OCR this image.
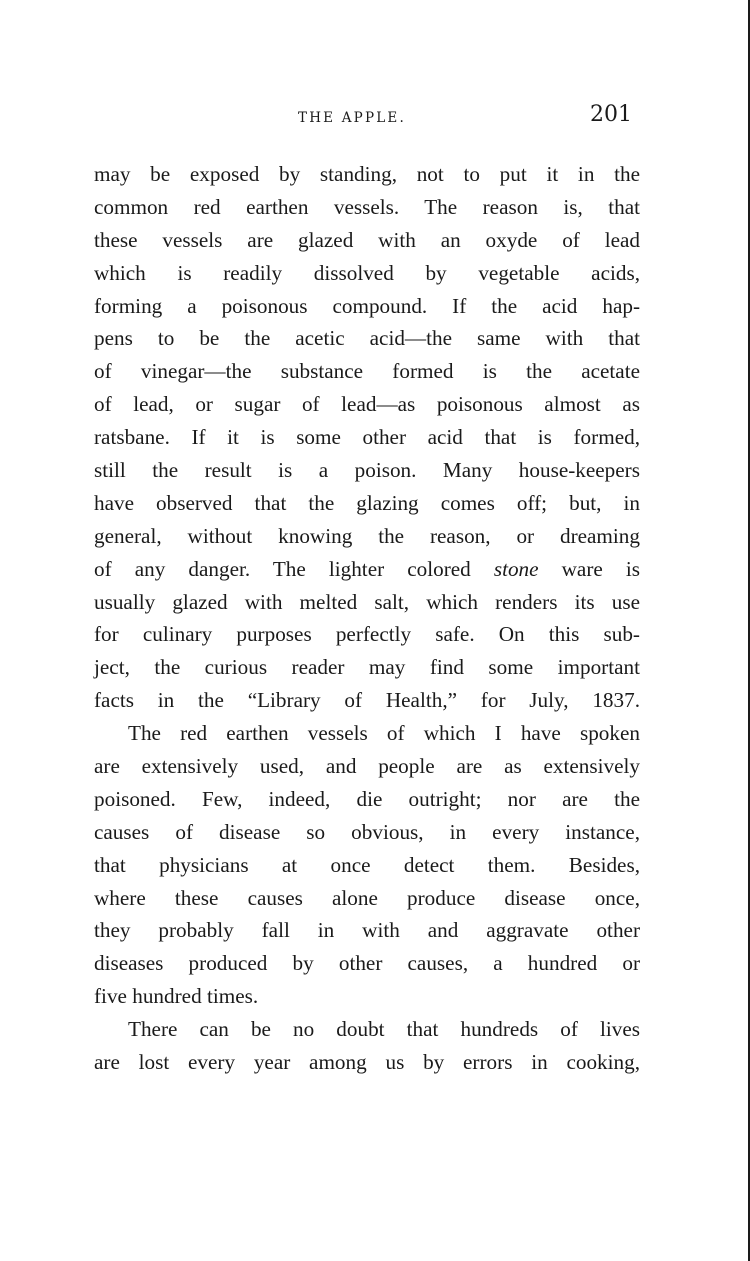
THE APPLE.	201
may be exposed by standing, not to put it in the
common red earthen vessels. The reason is, that
these vessels are glazed with an oxyde of lead
which is readily dissolved by vegetable acids,
forming a poisonous compound. If the acid hap-
pens to be the acetic acid—the same with that
of vinegar—the substance formed is the acetate
of lead, or sugar of lead—as poisonous almost as
ratsbane. If it is some other acid that is formed,
still the result is a poison. Many house-keepers
have observed that the glazing comes off; but, in
general, without knowing the reason, or dreaming
of any danger. The lighter colored stone ware is
usually glazed with melted salt, which renders its use
for culinary purposes perfectly safe. On this sub-
ject, the curious reader may find some important
facts in the “Library of Health,” for July, 1837.
The red earthen vessels of which I have spoken
are extensively used, and people are as extensively
poisoned. Few, indeed, die outright; nor are the
causes of disease so obvious, in every instance,
that physicians at once detect them. Besides,
where these causes alone produce disease once,
they probably fall in with and aggravate other
diseases produced by other causes, a hundred or
five hundred times.
There can be no doubt that hundreds of lives
are lost every year among us by errors in cooking,
